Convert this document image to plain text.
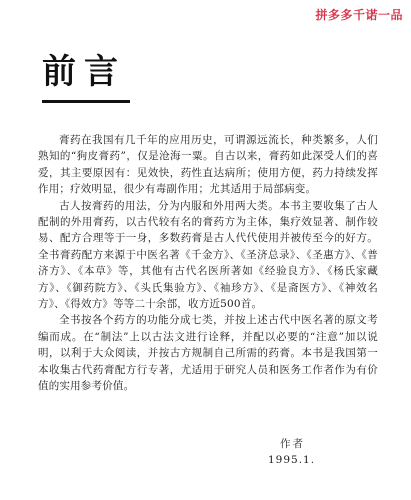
拼多多千诺一品
前言

膏药在我国有几千年的应用历史，可谓源远流长，种类繁多，人们熟知的“狗皮膏药”，仅是沧海一粟。自古以来，膏药如此深受人们的喜爱，其主要原因有：见效快，药性直达病所；使用方便，药力持续发挥作用；疗效明显，很少有毒副作用；尤其适用于局部病变。

古人按膏药的用法，分为内服和外用两大类。本书主要收集了古人配制的外用膏药，以古代较有名的膏药方为主体，集疗效显著、制作较易、配方合理等于一身，多数药膏是古人代代使用并被传至今的好方。全书膏药配方来源于中医名著《千金方》、《圣济总录》、《圣惠方》、《普济方》、《本草》等，其他有古代名医所著如《经验良方》、《杨氏家藏方》、《御药院方》、《头氏集验方》、《袖珍方》、《是斋医方》、《神效名方》、《得效方》等等二十余部，收方近500首。

全书按各个药方的功能分成七类，并按上述古代中医名著的原文考编而成。在“制法”上以古法文进行诠释，并配以必要的“注意”加以说明，以利于大众阅读，并按古方规制自己所需的药膏。本书是我国第一本收集古代药膏配方行专著，尤适用于研究人员和医务工作者作为有价值的实用参考价值。

作者
1995.1.
